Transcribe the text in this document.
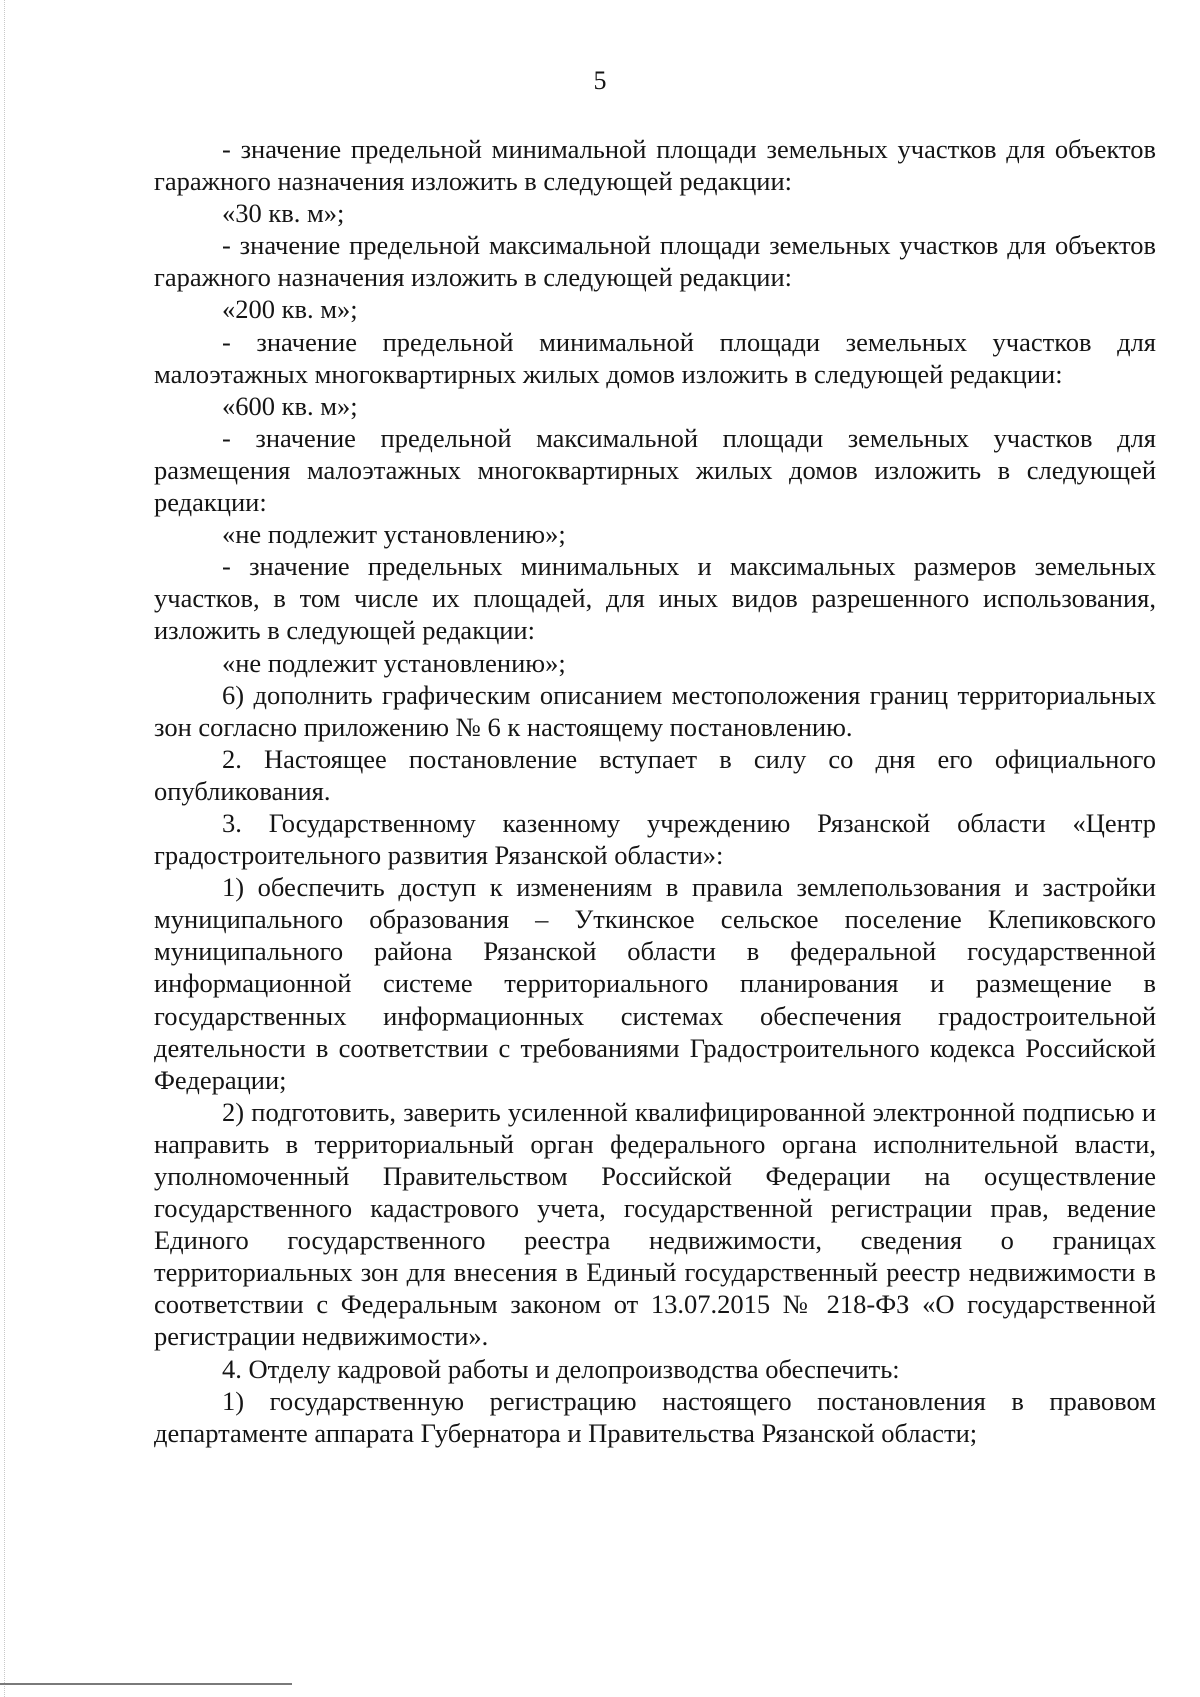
5

- значение предельной минимальной площади земельных участков для объектов гаражного назначения изложить в следующей редакции:

«30 кв. м»;

- значение предельной максимальной площади земельных участков для объектов гаражного назначения изложить в следующей редакции:

«200 кв. м»;

- значение предельной минимальной площади земельных участков для малоэтажных многоквартирных жилых домов изложить в следующей редакции:

«600 кв. м»;

- значение предельной максимальной площади земельных участков для размещения малоэтажных многоквартирных жилых домов изложить в следующей редакции:

«не подлежит установлению»;

- значение предельных минимальных и максимальных размеров земельных участков, в том числе их площадей, для иных видов разрешенного использования, изложить в следующей редакции:

«не подлежит установлению»;

6) дополнить графическим описанием местоположения границ территориальных зон согласно приложению № 6 к настоящему постановлению.

2. Настоящее постановление вступает в силу со дня его официального опубликования.

3. Государственному казенному учреждению Рязанской области «Центр градостроительного развития Рязанской области»:

1) обеспечить доступ к изменениям в правила землепользования и застройки муниципального образования – Уткинское сельское поселение Клепиковского муниципального района Рязанской области в федеральной государственной информационной системе территориального планирования и размещение в государственных информационных системах обеспечения градостроительной деятельности в соответствии с требованиями Градостроительного кодекса Российской Федерации;

2) подготовить, заверить усиленной квалифицированной электронной подписью и направить в территориальный орган федерального органа исполнительной власти, уполномоченный Правительством Российской Федерации на осуществление государственного кадастрового учета, государственной регистрации прав, ведение Единого государственного реестра недвижимости, сведения о границах территориальных зон для внесения в Единый государственный реестр недвижимости в соответствии с Федеральным законом от 13.07.2015 № 218-ФЗ «О государственной регистрации недвижимости».

4. Отделу кадровой работы и делопроизводства обеспечить:

1) государственную регистрацию настоящего постановления в правовом департаменте аппарата Губернатора и Правительства Рязанской области;
